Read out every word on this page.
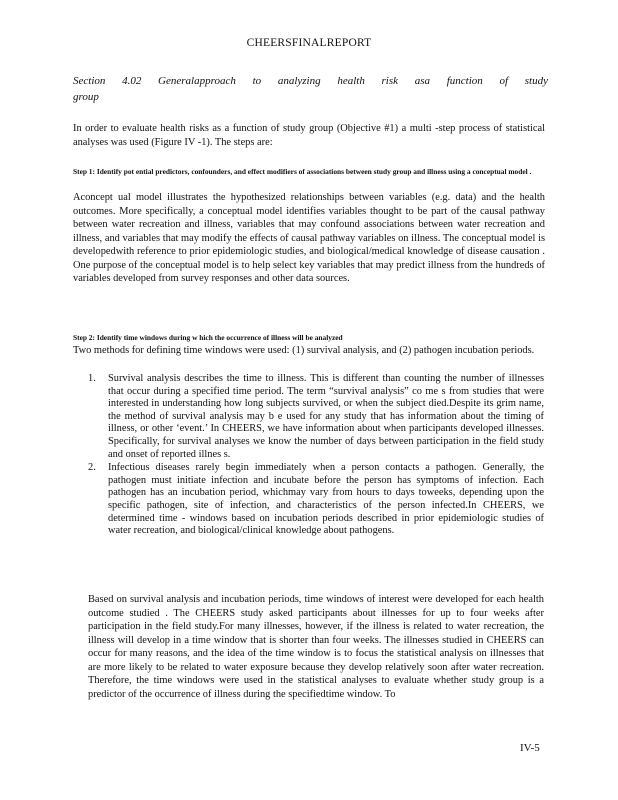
CHEERSFINALREPORT
Section 4.02 Generalapproach to analyzing health risk asa function of study
group
In order to evaluate health risks as a function of study group (Objective #1) a multi -step process of statistical analyses was used (Figure IV -1). The steps are:
Step 1: Identify pot ential predictors, confounders, and effect modifiers of associations between study group and illness using a conceptual model .
Aconcept ual model illustrates the hypothesized relationships between variables (e.g. data) and the health outcomes. More specifically, a conceptual model identifies variables thought to be part of the causal pathway between water recreation and illness, variables that may confound associations between water recreation and illness, and variables that may modify the effects of causal pathway variables on illness. The conceptual model is developedwith reference to prior epidemiologic studies, and biological/medical knowledge of disease causation . One purpose of the conceptual model is to help select key variables that may predict illness from the hundreds of variables developed from survey responses and other data sources.
Step 2: Identify time windows during w hich the occurrence of illness will be analyzed
Two methods for defining time windows were used: (1) survival analysis, and (2) pathogen incubation periods.
1. Survival analysis describes the time to illness. This is different than counting the number of illnesses that occur during a specified time period. The term “survival analysis” co me s from studies that were interested in understanding how long subjects survived, or when the subject died.Despite its grim name, the method of survival analysis may b e used for any study that has information about the timing of illness, or other ‘event.’ In CHEERS, we have information about when participants developed illnesses. Specifically, for survival analyses we know the number of days between participation in the field study and onset of reported illnes s.
2. Infectious diseases rarely begin immediately when a person contacts a pathogen. Generally, the pathogen must initiate infection and incubate before the person has symptoms of infection. Each pathogen has an incubation period, whichmay vary from hours to days toweeks, depending upon the specific pathogen, site of infection, and characteristics of the person infected.In CHEERS, we determined time - windows based on incubation periods described in prior epidemiologic studies of water recreation, and biological/clinical knowledge about pathogens.
Based on survival analysis and incubation periods, time windows of interest were developed for each health outcome studied . The CHEERS study asked participants about illnesses for up to four weeks after participation in the field study.For many illnesses, however, if the illness is related to water recreation, the illness will develop in a time window that is shorter than four weeks. The illnesses studied in CHEERS can occur for many reasons, and the idea of the time window is to focus the statistical analysis on illnesses that are more likely to be related to water exposure because they develop relatively soon after water recreation. Therefore, the time windows were used in the statistical analyses to evaluate whether study group is a predictor of the occurrence of illness during the specifiedtime window. To
IV-5
